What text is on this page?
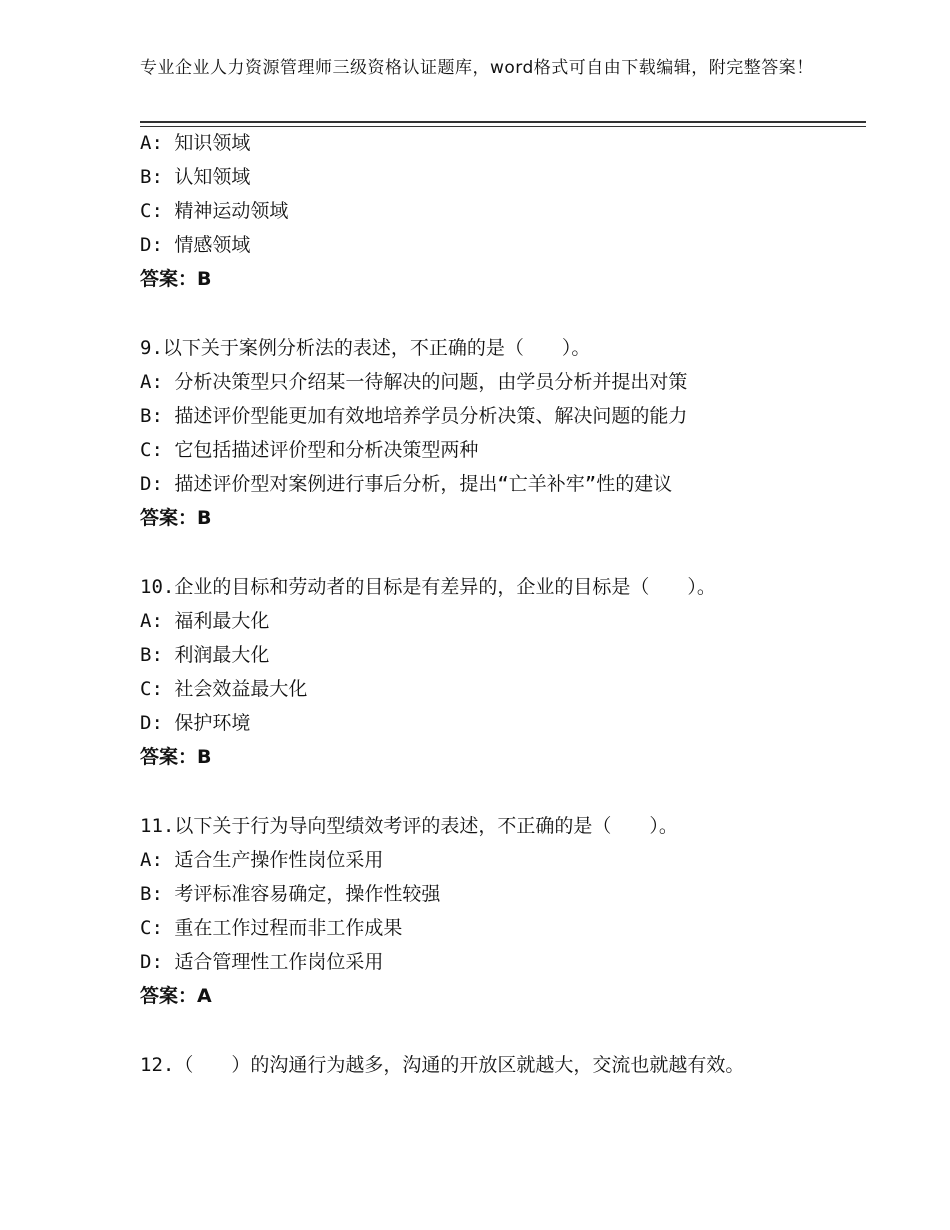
专业企业人力资源管理师三级资格认证题库，word格式可自由下载编辑，附完整答案！
A: 知识领域
B: 认知领域
C: 精神运动领域
D: 情感领域
答案：B
9.以下关于案例分析法的表述，不正确的是（　　）。
A: 分析决策型只介绍某一待解决的问题，由学员分析并提出对策
B: 描述评价型能更加有效地培养学员分析决策、解决问题的能力
C: 它包括描述评价型和分析决策型两种
D: 描述评价型对案例进行事后分析，提出“亡羊补牢”性的建议
答案：B
10.企业的目标和劳动者的目标是有差异的，企业的目标是（　　）。
A: 福利最大化
B: 利润最大化
C: 社会效益最大化
D: 保护环境
答案：B
11.以下关于行为导向型绩效考评的表述，不正确的是（　　）。
A: 适合生产操作性岗位采用
B: 考评标准容易确定，操作性较强
C: 重在工作过程而非工作成果
D: 适合管理性工作岗位采用
答案：A
12.（　　）的沟通行为越多，沟通的开放区就越大，交流也就越有效。
